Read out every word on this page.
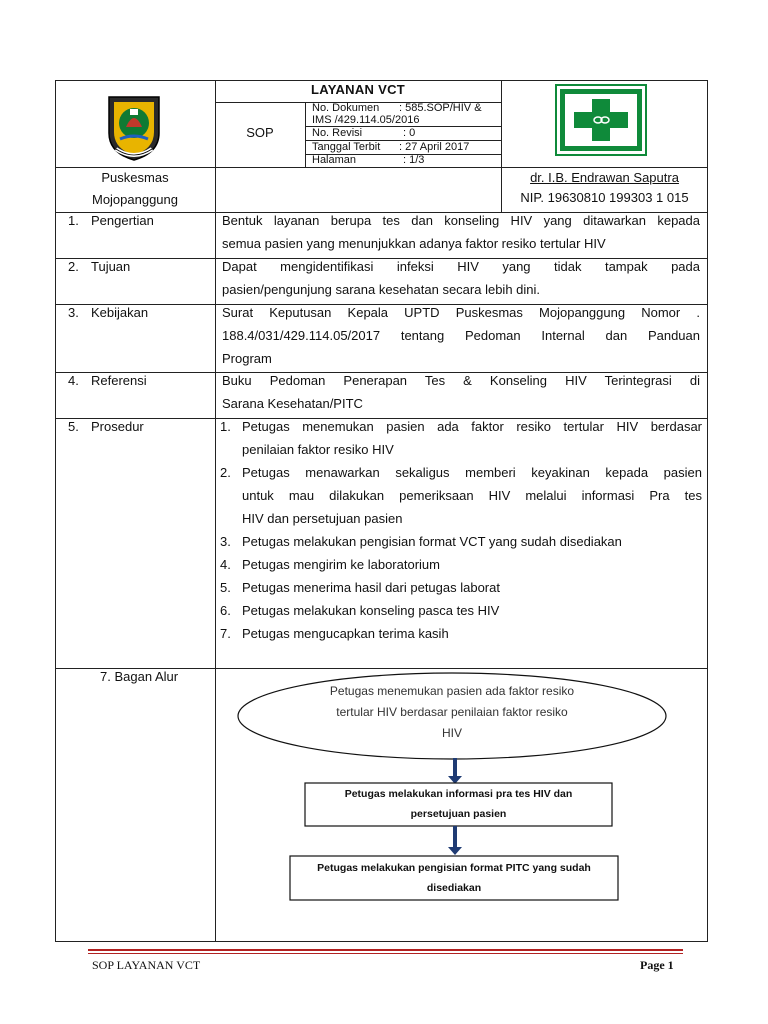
LAYANAN VCT
SOP
No. Dokumen : 585.SOP/HIV &
IMS /429.114.05/2016
No. Revisi	: 0
Tanggal Terbit : 27 April 2017
Halaman	: 1/3
Puskesmas
Mojopanggung
dr. I.B. Endrawan Saputra
NIP. 19630810 199303 1 015
1. Pengertian	Bentuk layanan berupa tes dan konseling HIV yang ditawarkan kepada
semua pasien yang menunjukkan adanya faktor resiko tertular HIV
2. Tujuan	Dapat mengidentifikasi infeksi HIV yang tidak tampak pada
pasien/pengunjung sarana kesehatan secara lebih dini.
3. Kebijakan	Surat Keputusan Kepala UPTD Puskesmas Mojopanggung Nomor .
188.4/031/429.114.05/2017 tentang Pedoman Internal dan Panduan
Program
4. Referensi	Buku Pedoman Penerapan Tes & Konseling HIV Terintegrasi di
Sarana Kesehatan/PITC
5. Prosedur	1. Petugas menemukan pasien ada faktor resiko tertular HIV berdasar
penilaian faktor resiko HIV
2. Petugas menawarkan sekaligus memberi keyakinan kepada pasien
untuk mau dilakukan pemeriksaan HIV melalui informasi Pra tes
HIV dan persetujuan pasien
3. Petugas melakukan pengisian format VCT yang sudah disediakan
4. Petugas mengirim ke laboratorium
5. Petugas menerima hasil dari petugas laborat
6. Petugas melakukan konseling pasca tes HIV
7. Petugas mengucapkan terima kasih
7. Bagan Alur
Petugas menemukan pasien ada faktor resiko
tertular HIV berdasar penilaian faktor resiko
HIV
Petugas melakukan informasi pra tes HIV dan
persetujuan pasien
Petugas melakukan pengisian format PITC yang sudah
disediakan
SOP LAYANAN VCT	Page 1
